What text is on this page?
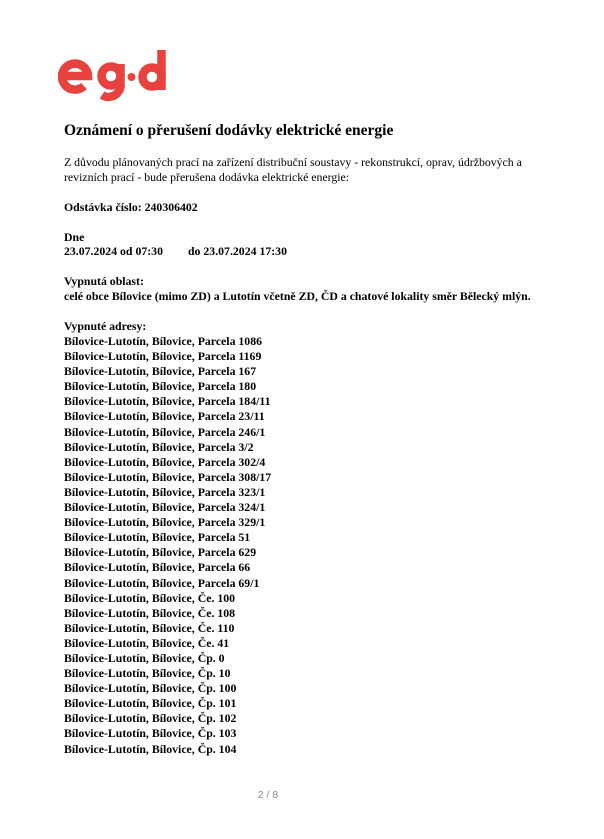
Oznámení o přerušení dodávky elektrické energie
Z důvodu plánovaných prací na zařízení distribuční soustavy - rekonstrukcí, oprav, údržbových a revizních prací - bude přerušena dodávka elektrické energie:
Odstávka číslo: 240306402
Dne
23.07.2024 od 07:30 do 23.07.2024 17:30
Vypnutá oblast:
celé obce Bílovice (mimo ZD) a Lutotín včetně ZD, ČD a chatové lokality směr Bělecký mlýn.
Vypnuté adresy:
Bílovice-Lutotín, Bílovice, Parcela 1086
Bílovice-Lutotín, Bílovice, Parcela 1169
Bílovice-Lutotín, Bílovice, Parcela 167
Bílovice-Lutotín, Bílovice, Parcela 180
Bílovice-Lutotín, Bílovice, Parcela 184/11
Bílovice-Lutotín, Bílovice, Parcela 23/11
Bílovice-Lutotín, Bílovice, Parcela 246/1
Bílovice-Lutotín, Bílovice, Parcela 3/2
Bílovice-Lutotín, Bílovice, Parcela 302/4
Bílovice-Lutotín, Bílovice, Parcela 308/17
Bílovice-Lutotín, Bílovice, Parcela 323/1
Bílovice-Lutotín, Bílovice, Parcela 324/1
Bílovice-Lutotín, Bílovice, Parcela 329/1
Bílovice-Lutotín, Bílovice, Parcela 51
Bílovice-Lutotín, Bílovice, Parcela 629
Bílovice-Lutotín, Bílovice, Parcela 66
Bílovice-Lutotín, Bílovice, Parcela 69/1
Bílovice-Lutotín, Bílovice, Če. 100
Bílovice-Lutotín, Bílovice, Če. 108
Bílovice-Lutotín, Bílovice, Če. 110
Bílovice-Lutotín, Bílovice, Če. 41
Bílovice-Lutotín, Bílovice, Čp. 0
Bílovice-Lutotín, Bílovice, Čp. 10
Bílovice-Lutotín, Bílovice, Čp. 100
Bílovice-Lutotín, Bílovice, Čp. 101
Bílovice-Lutotín, Bílovice, Čp. 102
Bílovice-Lutotín, Bílovice, Čp. 103
Bílovice-Lutotín, Bílovice, Čp. 104
2 / 8
